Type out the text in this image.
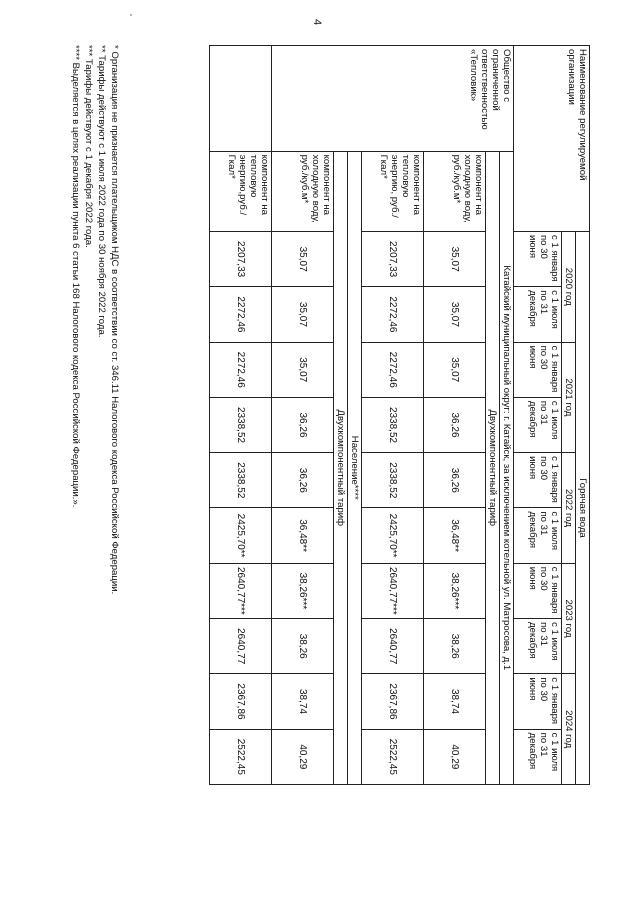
4
Наименование регулируемой организации		Горячая вода									
		2020 год		2021 год		2022 год		2023 год		2024 год	
		с 1 января по 30 июня	с 1 июля по 31 декабря	с 1 января по 30 июня	с 1 июля по 31 декабря	с 1 января по 30 июня	с 1 июля по 31 декабря	с 1 января по 30 июня	с 1 июля по 31 декабря	с 1 января по 30 июня	с 1 июля по 31 декабря
Общество с ограниченной ответственностью «Тепловик»	Катайский муниципальный округ: г. Катайск, за исключением котельной ул. Матросова, д.1										
	Двухкомпонентный тариф										
	компонент на холодную воду, руб./куб.м*	35,07	35,07	35,07	36,26	36,26	36,48**	38,26***	38,26	38,74	40,29
	компонент на тепловую энергию, руб./Гкал*	2207,33	2272,46	2272,46	2338,52	2338,52	2425,70**	2640,77***	2640,77	2367,86	2522,45
	Население****										
	Двухкомпонентный тариф										
	компонент на холодную воду, руб./куб.м*	35,07	35,07	35,07	36,26	36,26	36,48**	38,26***	38,26	38,74	40,29
	компонент на тепловую энергию,руб./Гкал*	2207,33	2272,46	2272,46	2338,52	2338,52	2425,70**	2640,77***	2640,77	2367,86	2522,45
* Организация не признается плательщиком НДС в соответствии со ст. 346.11 Налогового кодекса Российской Федерации.
** Тарифы действуют с 1 июля 2022 года по 30 ноября 2022 года.
*** Тарифы действуют с 1 декабря 2022 года.
**** Выделяется в целях реализации пункта 6 статьи 168 Налогового кодекса Российской Федерации.».
